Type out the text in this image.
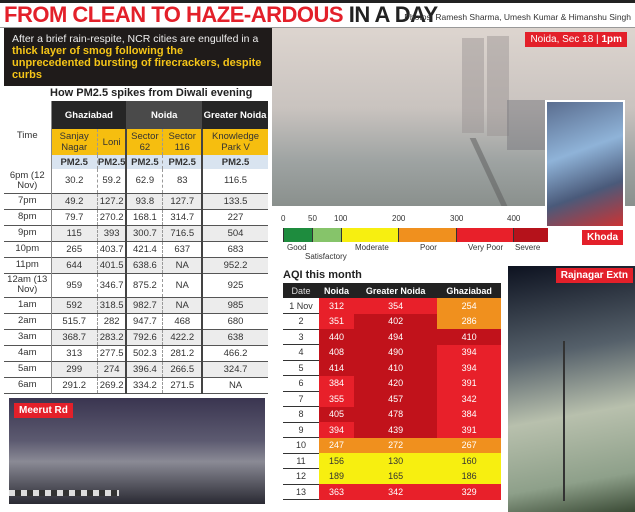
FROM CLEAN TO HAZE-ARDOUS IN A DAY
Photos: Ramesh Sharma, Umesh Kumar & Himanshu Singh
After a brief rain-respite, NCR cities are engulfed in a
thick layer of smog following the unprecedented bursting of firecrackers, despite curbs
Noida, Sec 18 | 1pm
Khoda
0	50 100	200	300	400
Good
Satisfactory
Moderate	Poor	Very Poor Severe
AQI this month
Date	Noida	Greater Noida	Ghaziabad
1 Nov	312	354	254
2	351	402	286
3	440	494	410
4	408	490	394
5	414	410	394
6	384	420	391
7	355	457	342
8	405	478	384
9	394	439	391
10	247	272	267
11	156	130	160
12	189	165	186
13	363	342	329
Rajnagar Extn
How PM2.5 spikes from Diwali evening
Time	Ghaziabad		Noida		Greater Noida
	Sanjay Nagar	Loni	Sector 62	Sector 116	Knowledge Park V
	PM2.5	PM2.5	PM2.5	PM2.5	PM2.5
6pm (12 Nov)	30.2	59.2	62.9	83	116.5
7pm	49.2	127.2	93.8	127.7	133.5
8pm	79.7	270.2	168.1	314.7	227
9pm	115	393	300.7	716.5	504
10pm	265	403.7	421.4	637	683
11pm	644	401.5	638.6	NA	952.2
12am (13 Nov)	959	346.7	875.2	NA	925
1am	592	318.5	982.7	NA	985
2am	515.7	282	947.7	468	680
3am	368.7	283.2	792.6	422.2	638
4am	313	277.5	502.3	281.2	466.2
5am	299	274	396.4	266.5	324.7
6am	291.2	269.2	334.2	271.5	NA
Meerut Rd
